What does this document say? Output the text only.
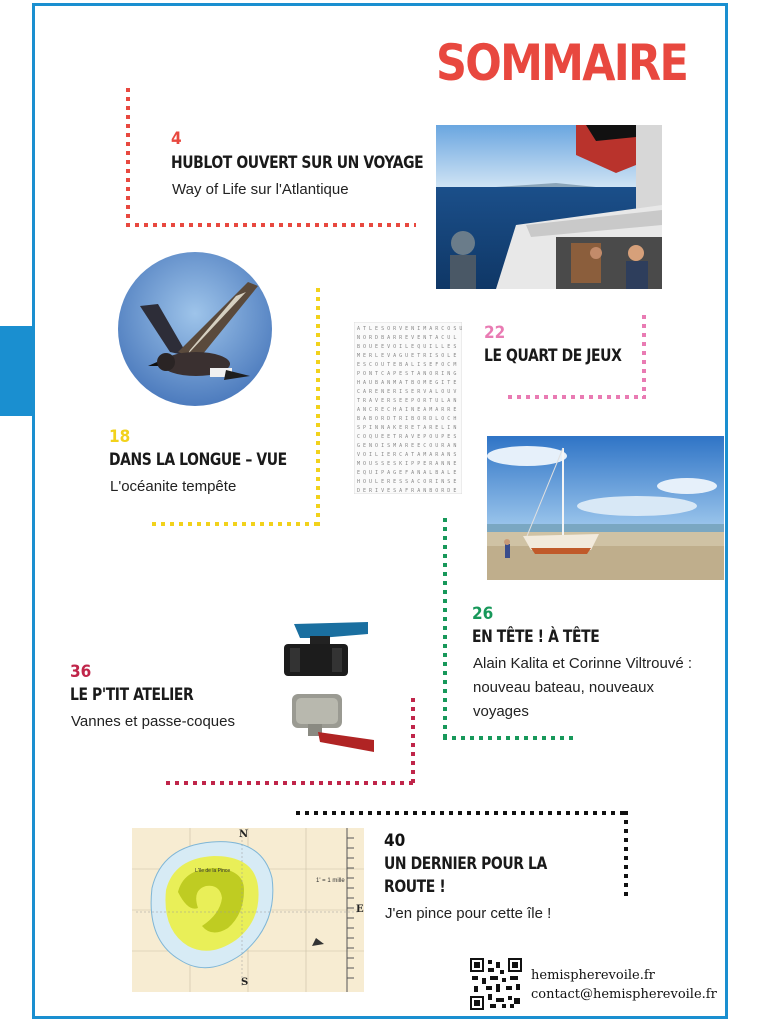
SOMMAIRE
4
HUBLOT OUVERT SUR UN VOYAGE
Way of Life sur l'Atlantique
18
DANS LA LONGUE – VUE
L'océanite tempête
A T L E S O R V E N I M A R C O S U
N O R D B A R R E V E N T A C U L
B O U E E V O I L E Q U I L L E S
M E R L E V A G U E T R I S O L E
E S C O U T E B A L I S E F O C M
P O N T C A P E S T A N O R I N G
H A U B A N M A T B O M E G I T E
C A R E N E R I S E R V A L O U V
T R A V E R S E E P O R T U L A N
A N C R E C H A I N E A M A R R E
B A B O R D T R I B O R D L O C H
S P I N N A K E R E T A R E L I N
C O Q U E E T R A V E P O U P E S
G E N O I S M A R E E C O U R A N
V O I L I E R C A T A M A R A N S
M O U S S E S K I P P E R A N N E
E Q U I P A G E F A N A L B A L E
H O U L E R E S S A C O R I N S E
D E R I V E S A F R A N B O R D E
22
LE QUART DE JEUX
26
EN TÊTE ! À TÊTE
Alain Kalita et Corinne Viltrouvé :
nouveau bateau, nouveaux
voyages
36
LE P'TIT ATELIER
Vannes et passe-coques
N
E
S
L'île de la Pince
1' = 1 mille
40
UN DERNIER POUR LA
ROUTE !
J'en pince pour cette île !
hemispherevoile.fr
contact@hemispherevoile.fr
